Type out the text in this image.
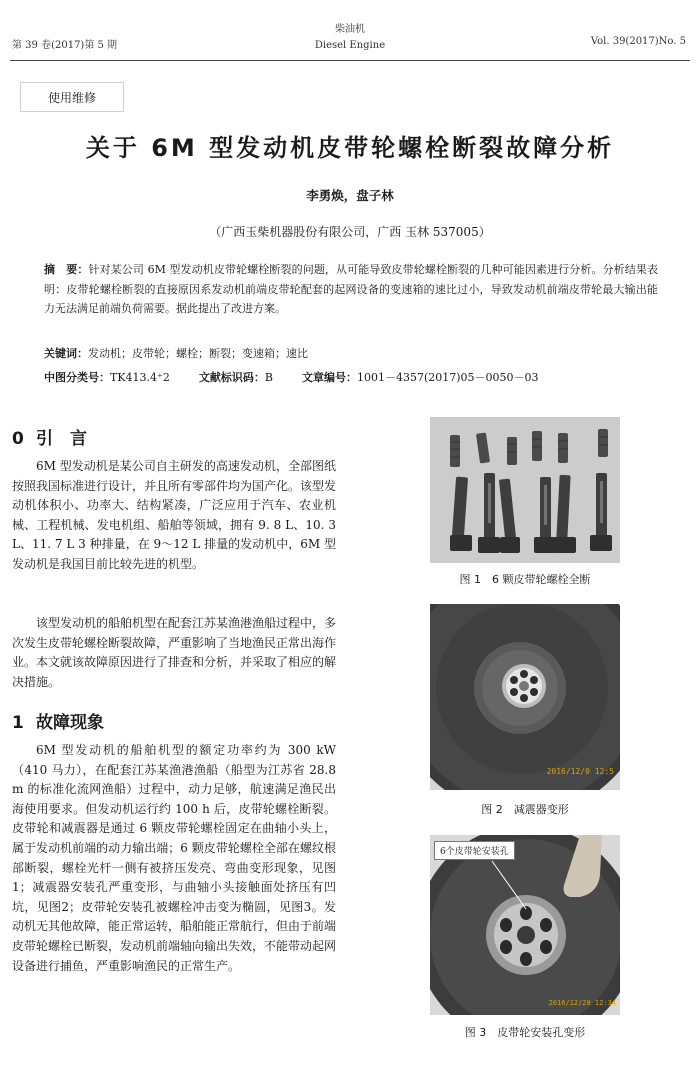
第 39 卷(2017)第 5 期
柴油机
Diesel Engine	Vol. 39(2017)No. 5
使用维修
关于 6M 型发动机皮带轮螺栓断裂故障分析
李勇焕，盘子林
（广西玉柴机器股份有限公司，广西 玉林 537005）
摘　要：针对某公司 6M 型发动机皮带轮螺栓断裂的问题，从可能导致皮带轮螺栓断裂的几种可能因素进行分析。分析结果表明：皮带轮螺栓断裂的直接原因系发动机前端皮带轮配套的起网设备的变速箱的速比过小，导致发动机前端皮带轮最大输出能力无法满足前端负荷需要。据此提出了改进方案。
关键词：发动机；皮带轮；螺栓；断裂；变速箱；速比
中图分类号：TK413.4⁺2	文献标识码：B	文章编号：1001－4357(2017)05－0050－03
0 引　言

6M 型发动机是某公司自主研发的高速发动机，全部图纸按照我国标准进行设计，并且所有零部件均为国产化。该型发动机体积小、功率大、结构紧凑，广泛应用于汽车、农业机械、工程机械、发电机组、船舶等领域，拥有 9. 8 L、10. 3 L、11. 7 L 3 种排量，在 9～12 L 排量的发动机中，6M 型发动机是我国目前比较先进的机型。

该型发动机的船舶机型在配套江苏某渔港渔船过程中，多次发生皮带轮螺栓断裂故障，严重影响了当地渔民正常出海作业。本文就该故障原因进行了排查和分析，并采取了相应的解决措施。

1 故障现象

6M 型发动机的船舶机型的额定功率约为 300 kW（410 马力），在配套江苏某渔港渔船（船型为江苏省 28.8 m 的标准化流网渔船）过程中，动力足够，航速满足渔民出海使用要求。但发动机运行约 100 h 后，皮带轮螺栓断裂。皮带轮和减震器是通过 6 颗皮带轮螺栓固定在曲轴小头上，属于发动机前端的动力输出端；6 颗皮带轮螺栓全部在螺纹根部断裂，螺栓光杆一侧有被挤压发亮、弯曲变形现象，见图1；减震器安装孔严重变形，与曲轴小头接触面处挤压有凹坑，见图2；皮带轮安装孔被螺栓冲击变为椭圆，见图3。发动机无其他故障，能正常运转，船舶能正常航行，但由于前端皮带轮螺栓已断裂，发动机前端轴向输出失效，不能带动起网设备进行捕鱼，严重影响渔民的正常生产。

图 1　6 颗皮带轮螺栓全断
2016/12/0 12:5
图 2　减震器变形
6个皮带轮安装孔
2016/12/20 12:34
图 3　皮带轮安装孔变形
